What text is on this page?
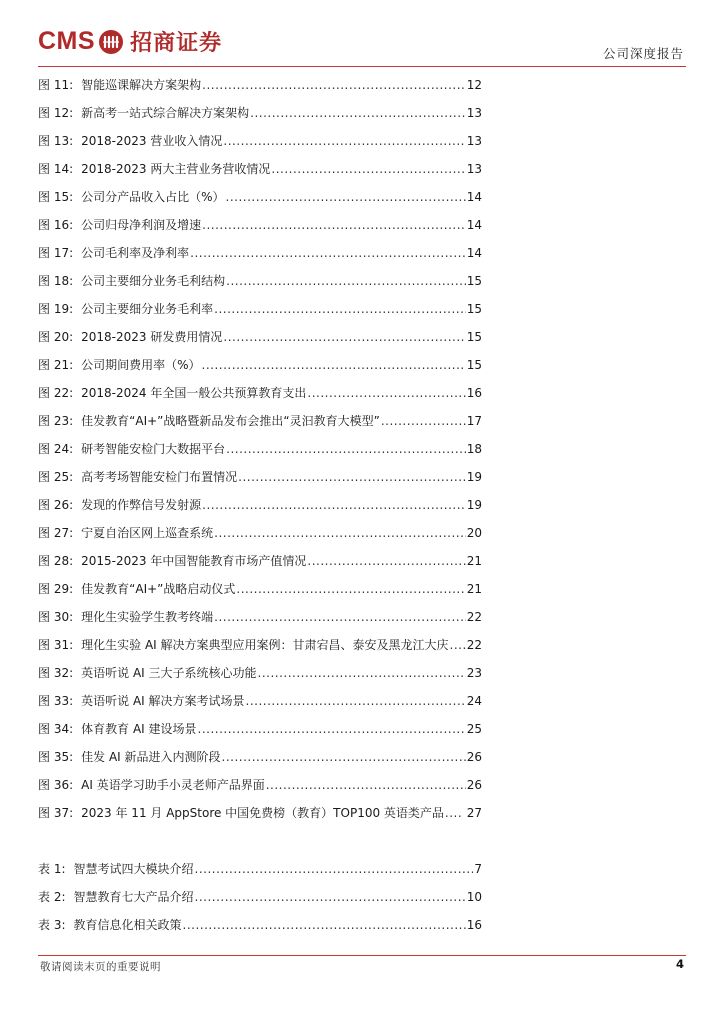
CMS 招商证券	公司深度报告
图 11: 智能巡课解决方案架构 .....	12
图 12: 新高考一站式综合解决方案架构 .....	13
图 13: 2018-2023 营业收入情况 .....	13
图 14: 2018-2023 两大主营业务营收情况 .....	13
图 15: 公司分产品收入占比（%） .....	14
图 16: 公司归母净利润及增速 .....	14
图 17: 公司毛利率及净利率 .....	14
图 18: 公司主要细分业务毛利结构 .....	15
图 19: 公司主要细分业务毛利率 .....	15
图 20: 2018-2023 研发费用情况 .....	15
图 21: 公司期间费用率（%） .....	15
图 22: 2018-2024 年全国一般公共预算教育支出 .....	16
图 23: 佳发教育“AI+”战略暨新品发布会推出“灵汩教育大模型” .....	17
图 24: 研考智能安检门大数据平台 .....	18
图 25: 高考考场智能安检门布置情况 .....	19
图 26: 发现的作弊信号发射源 .....	19
图 27: 宁夏自治区网上巡查系统 .....	20
图 28: 2015-2023 年中国智能教育市场产值情况 .....	21
图 29: 佳发教育“AI+”战略启动仪式 .....	21
图 30: 理化生实验学生教考终端 .....	22
图 31: 理化生实验 AI 解决方案典型应用案例：甘肃宕昌、泰安及黑龙江大庆 ..... 22
图 32: 英语听说 AI 三大子系统核心功能 .....	23
图 33: 英语听说 AI 解决方案考试场景 .....	24
图 34: 体育教育 AI 建设场景 .....	25
图 35: 佳发 AI 新品进入内测阶段 .....	26
图 36: AI 英语学习助手小灵老师产品界面 .....	26
图 37: 2023 年 11 月 AppStore 中国免费榜（教育）TOP100 英语类产品 .... 27
表 1: 智慧考试四大模块介绍 .....	7
表 2: 智慧教育七大产品介绍 .....	10
表 3: 教育信息化相关政策 .....	16
敬请阅读末页的重要说明	4
